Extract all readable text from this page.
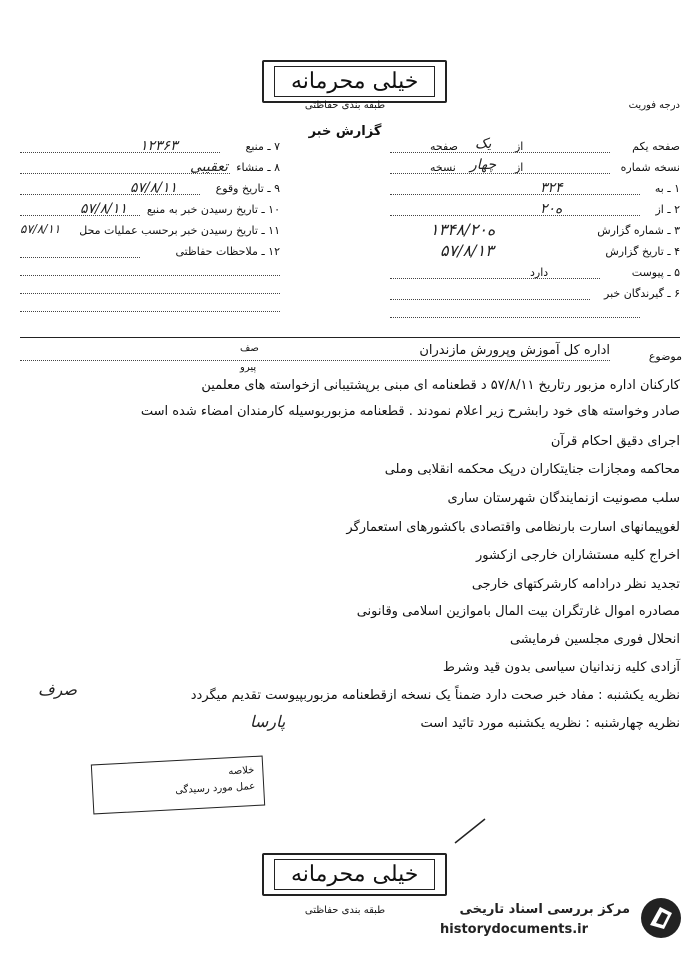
خیلی محرمانه
طبقه بندی حفاظتی	درجه فوریت
گزارش خبر
۷ ـ منبع
۱۲۳۶۳
۸ ـ منشاء
تعقیبی
۹ ـ تاریخ وقوع
۵۷/۸/۱۱
۱۰ ـ تاریخ رسیدن خبر به منبع
۵۷/۸/۱۱
۱۱ ـ تاریخ رسیدن خبر برحسب عملیات محل
۵۷/۸/۱۱
۱۲ ـ ملاحظات حفاظتی
صفحه یکم
از
صفحه یک
نسخه شماره
از
نسخه چهار
۱ ـ به
۳۲۴
۲ ـ از
۲۰ه
۳ ـ شماره گزارش
۱۳۴۸/۲۰ه
۴ ـ تاریخ گزارش
۵۷/۸/۱۳
۵ ـ پیوست
دارد
۶ ـ گیرندگان خبر
موضوع
اداره کل آموزش وپرورش مازندران
صف
پیرو
کارکنان اداره مزبور رتاریخ ۵۷/۸/۱۱ د قطعنامه ای مبنی برپشتیبانی ازخواسته های معلمین
صادر وخواسته های خود رابشرح زیر اعلام نمودند . قطعنامه مزبوربوسیله کارمندان امضاء شده است
اجرای دقیق احکام قرآن
محاکمه ومجازات جنایتکاران درپک محکمه انقلابی وملی
سلب مصونیت ازنمایندگان شهرستان ساری
لغوپیمانهای اسارت بارنظامی واقتصادی باکشورهای استعمارگر
اخراج کلیه مستشاران خارجی ازکشور
تجدید نظر درادامه کارشرکتهای خارجی
مصادره اموال غارتگران بیت المال باموازین اسلامی وقانونی
انحلال فوری مجلسین فرمایشی
آزادی کلیه زندانیان سیاسی بدون قید وشرط
نظریه یکشنبه : مفاد خبر صحت دارد ضمناً یک نسخه ازقطعنامه مزبوربپیوست تقدیم میگردد
نظریه چهارشنبه : نظریه یکشنبه مورد تائید است
صرف
پارسا
خلاصه
عمل مورد رسیدگی
خیلی محرمانه
طبقه بندی حفاظتی	مرکز بررسی اسناد تاریخی
historydocuments.ir
